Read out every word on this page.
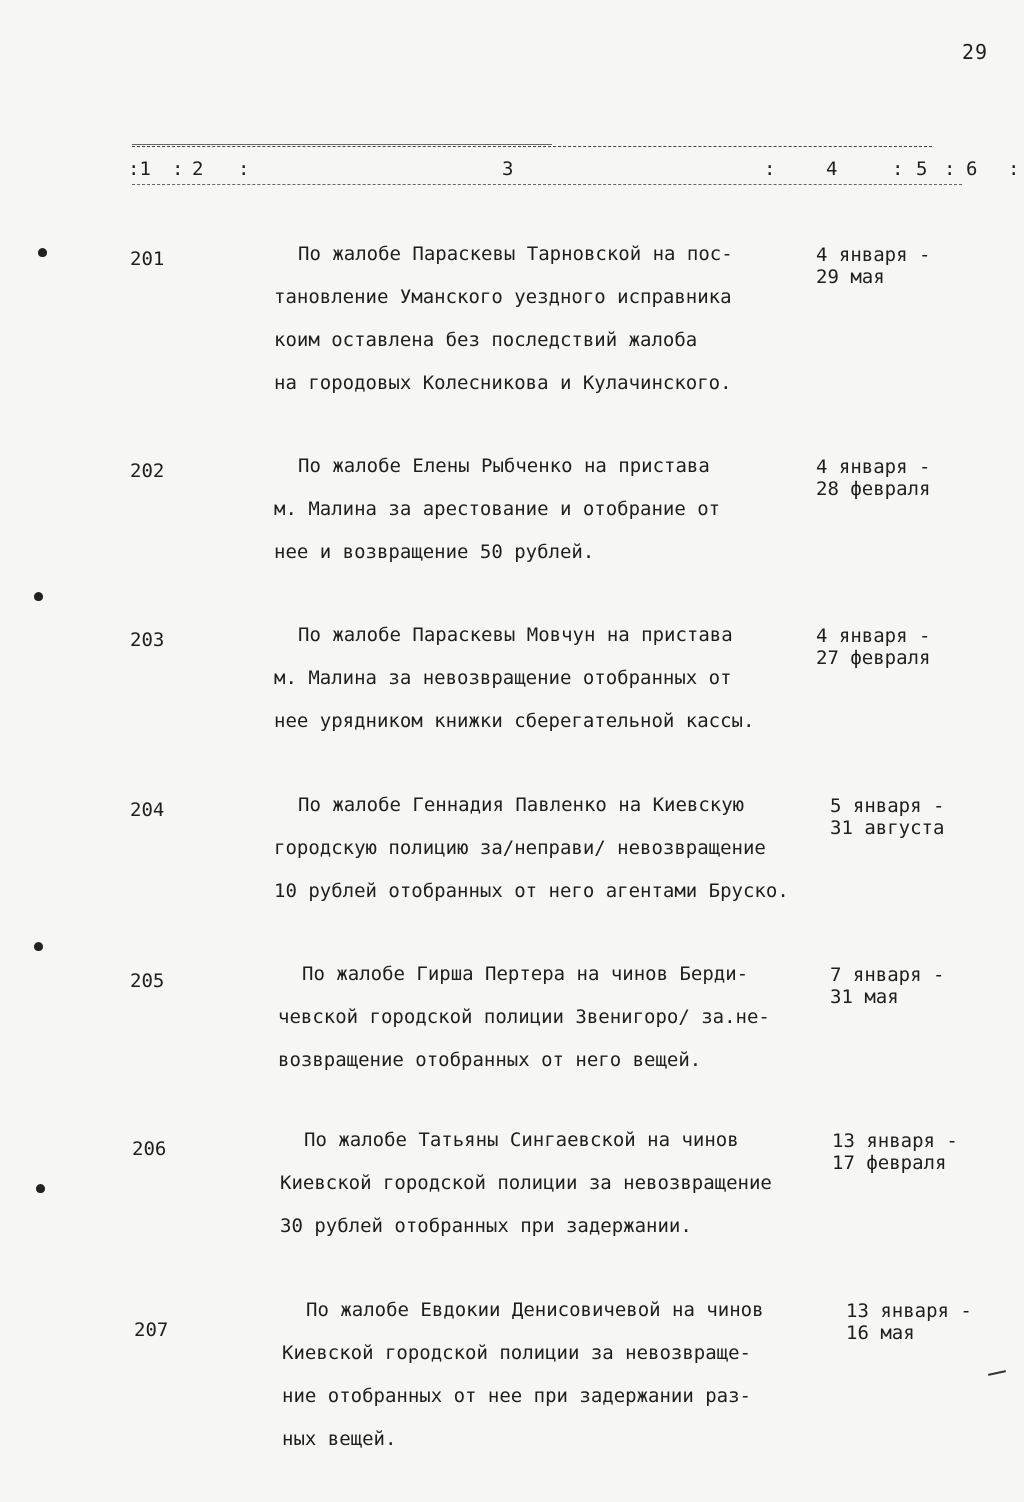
29
:1 : 2 :	3	:	4	: 5 : 6 :
201	По жалобе Параскевы Тарновской на пос-
тановление Уманского уездного исправника
коим оставлена без последствий жалоба
на городовых Колесникова и Кулачинского.
4 января -
29 мая
202	По жалобе Елены Рыбченко на пристава
м. Малина за арестование и отобрание от
нее и возвращение 50 рублей.
4 января -
28 февраля
203	По жалобе Параскевы Мовчун на пристава
м. Малина за невозвращение отобранных от
нее урядником книжки сберегательной кассы.
4 января -
27 февраля
204	По жалобе Геннадия Павленко на Киевскую
городскую полицию за/неправи/ невозвращение
10 рублей отобранных от него агентами Бруско.
5 января -
31 августа
205	По жалобе Гирша Пертера на чинов Берди-
чевской городской полиции Звенигоро/ за.не-
возвращение отобранных от него вещей.
7 января -
31 мая
206	По жалобе Татьяны Сингаевской на чинов
Киевской городской полиции за невозвращение
30 рублей отобранных при задержании.
13 января -
17 февраля
207
По жалобе Евдокии Денисовичевой на чинов
Киевской городской полиции за невозвраще-
ние отобранных от нее при задержании раз-
ных вещей.
13 января -
16 мая
